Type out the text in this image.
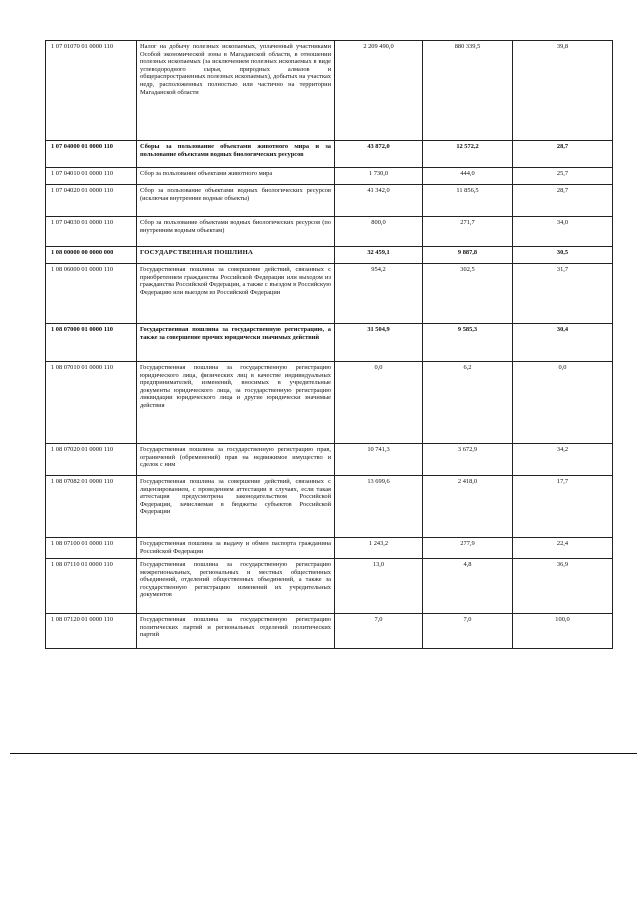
1 07 01070 01 0000 110	Налог на добычу полезных ископаемых, уплаченный участниками Особой экономической зоны в Магаданской области, в отношении полезных ископаемых (за исключением полезных ископаемых в виде углеводородного сырья, природных алмазов и общераспространенных полезных ископаемых), добытых на участках недр, расположенных полностью или частично на территории Магаданской области	2 209 490,0	880 339,5	39,8
1 07 04000 01 0000 110	Сборы за пользование объектами животного мира и за пользование объектами водных биологических ресурсов	43 872,0	12 572,2	28,7
1 07 04010 01 0000 110	Сбор за пользование объектами животного мира	1 730,0	444,0	25,7
1 07 04020 01 0000 110	Сбор за пользование объектами водных биологических ресурсов (исключая внутренние водные объекты)	41 342,0	11 856,5	28,7
1 07 04030 01 0000 110	Сбор за пользование объектами водных биологических ресурсов (по внутренним водным объектам)	800,0	271,7	34,0
1 08 00000 00 0000 000	ГОСУДАРСТВЕННАЯ ПОШЛИНА	32 459,1	9 887,8	30,5
1 08 06000 01 0000 110	Государственная пошлина за совершение действий, связанных с приобретением гражданства Российской Федерации или выходом из гражданства Российской Федерации, а также с въездом в Российскую Федерацию или выездом из Российской Федерации	954,2	302,5	31,7
1 08 07000 01 0000 110	Государственная пошлина за государственную регистрацию, а также за совершение прочих юридически значимых действий	31 504,9	9 585,3	30,4
1 08 07010 01 0000 110	Государственная пошлина за государственную регистрацию юридического лица, физических лиц в качестве индивидуальных предпринимателей, изменений, вносимых в учредительные документы юридического лица, за государственную регистрацию ликвидации юридического лица и другие юридически значимые действия	0,0	6,2	0,0
1 08 07020 01 0000 110	Государственная пошлина за государственную регистрацию прав, ограничений (обременений) прав на недвижимое имущество и сделок с ним	10 741,3	3 672,9	34,2
1 08 07082 01 0000 110	Государственная пошлина за совершение действий, связанных с лицензированием, с проведением аттестации в случаях, если такая аттестация предусмотрена законодательством Российской Федерации, зачисляемая в бюджеты субъектов Российской Федерации	13 699,6	2 418,0	17,7
1 08 07100 01 0000 110	Государственная пошлина за выдачу и обмен паспорта гражданина Российской Федерации	1 243,2	277,9	22,4
1 08 07110 01 0000 110	Государственная пошлина за государственную регистрацию межрегиональных, региональных и местных общественных объединений, отделений общественных объединений, а также за государственную регистрацию изменений их учредительных документов	13,0	4,8	36,9
1 08 07120 01 0000 110	Государственная пошлина за государственную регистрацию политических партий и региональных отделений политических партий	7,0	7,0	100,0
